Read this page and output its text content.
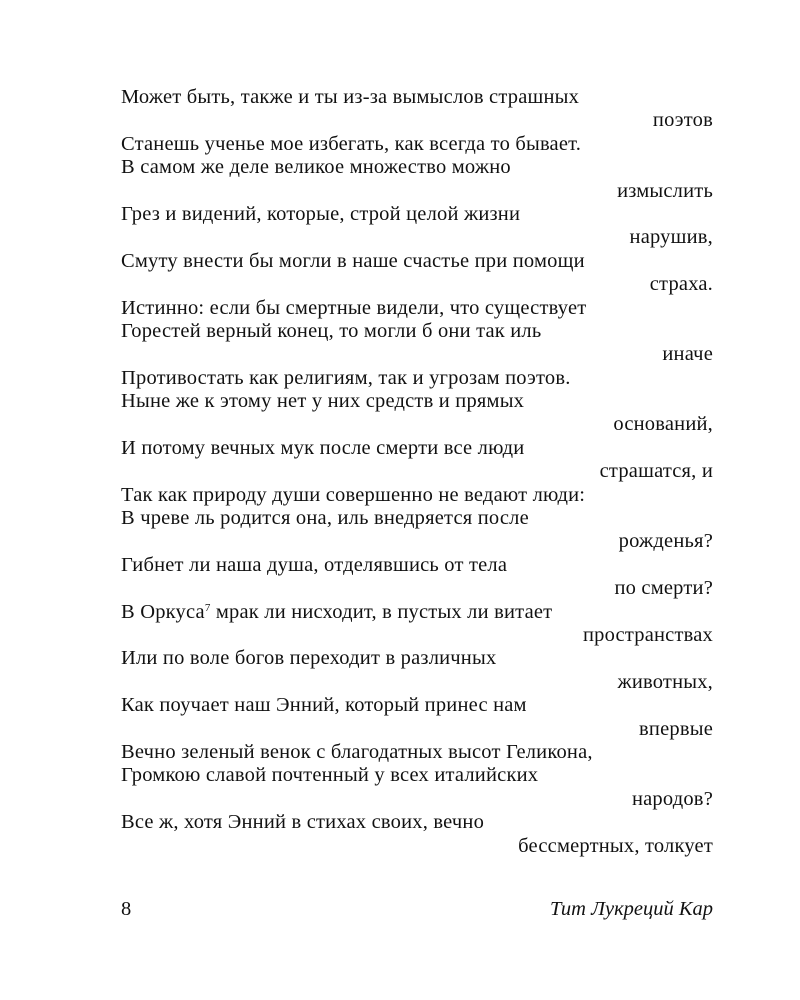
Может быть, также и ты из-за вымыслов страшных
поэтов
Станешь ученье мое избегать, как всегда то бывает.
В самом же деле великое множество можно
измыслить
Грез и видений, которые, строй целой жизни
нарушив,
Смуту внести бы могли в наше счастье при помощи
страха.
Истинно: если бы смертные видели, что существует
Горестей верный конец, то могли б они так иль
иначе
Противостать как религиям, так и угрозам поэтов.
Ныне же к этому нет у них средств и прямых
оснований,
И потому вечных мук после смерти все люди
страшатся, и
Так как природу души совершенно не ведают люди:
В чреве ль родится она, иль внедряется после
рожденья?
Гибнет ли наша душа, отделявшись от тела
по смерти?
В Оркуса$^7$ мрак ли нисходит, в пустых ли витает
пространствах
Или по воле богов переходит в различных
животных,
Как поучает наш Энний, который принес нам
впервые
Вечно зеленый венок с благодатных высот Геликона,
Громкою славой почтенный у всех италийских
народов?
Все ж, хотя Энний в стихах своих, вечно
бессмертных, толкует
8	Тит Лукреций Кар
